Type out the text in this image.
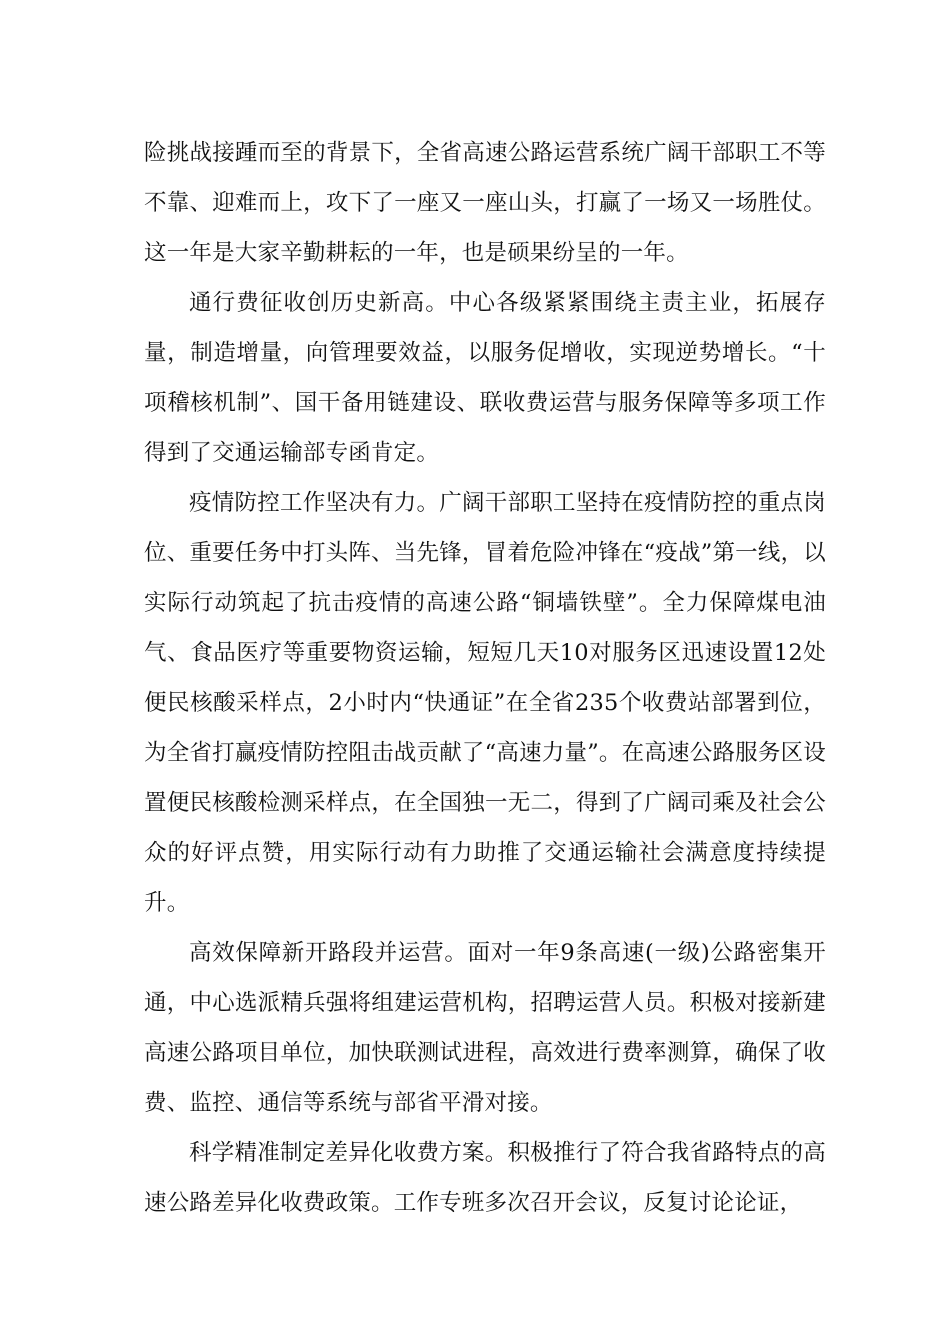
险挑战接踵而至的背景下，全省高速公路运营系统广阔干部职工不等不靠、迎难而上，攻下了一座又一座山头，打赢了一场又一场胜仗。这一年是大家辛勤耕耘的一年，也是硕果纷呈的一年。

通行费征收创历史新高。中心各级紧紧围绕主责主业，拓展存量，制造增量，向管理要效益，以服务促增收，实现逆势增长。“十项稽核机制”、国干备用链建设、联收费运营与服务保障等多项工作得到了交通运输部专函肯定。

疫情防控工作坚决有力。广阔干部职工坚持在疫情防控的重点岗位、重要任务中打头阵、当先锋，冒着危险冲锋在“疫战”第一线，以实际行动筑起了抗击疫情的高速公路“铜墙铁壁”。全力保障煤电油气、食品医疗等重要物资运输，短短几天10对服务区迅速设置12处便民核酸采样点，2小时内“快通证”在全省235个收费站部署到位，为全省打赢疫情防控阻击战贡献了“高速力量”。在高速公路服务区设置便民核酸检测采样点，在全国独一无二，得到了广阔司乘及社会公众的好评点赞，用实际行动有力助推了交通运输社会满意度持续提升。

高效保障新开路段并运营。面对一年9条高速(一级)公路密集开通，中心选派精兵强将组建运营机构，招聘运营人员。积极对接新建高速公路项目单位，加快联测试进程，高效进行费率测算，确保了收费、监控、通信等系统与部省平滑对接。

科学精准制定差异化收费方案。积极推行了符合我省路特点的高速公路差异化收费政策。工作专班多次召开会议，反复讨论论证，
